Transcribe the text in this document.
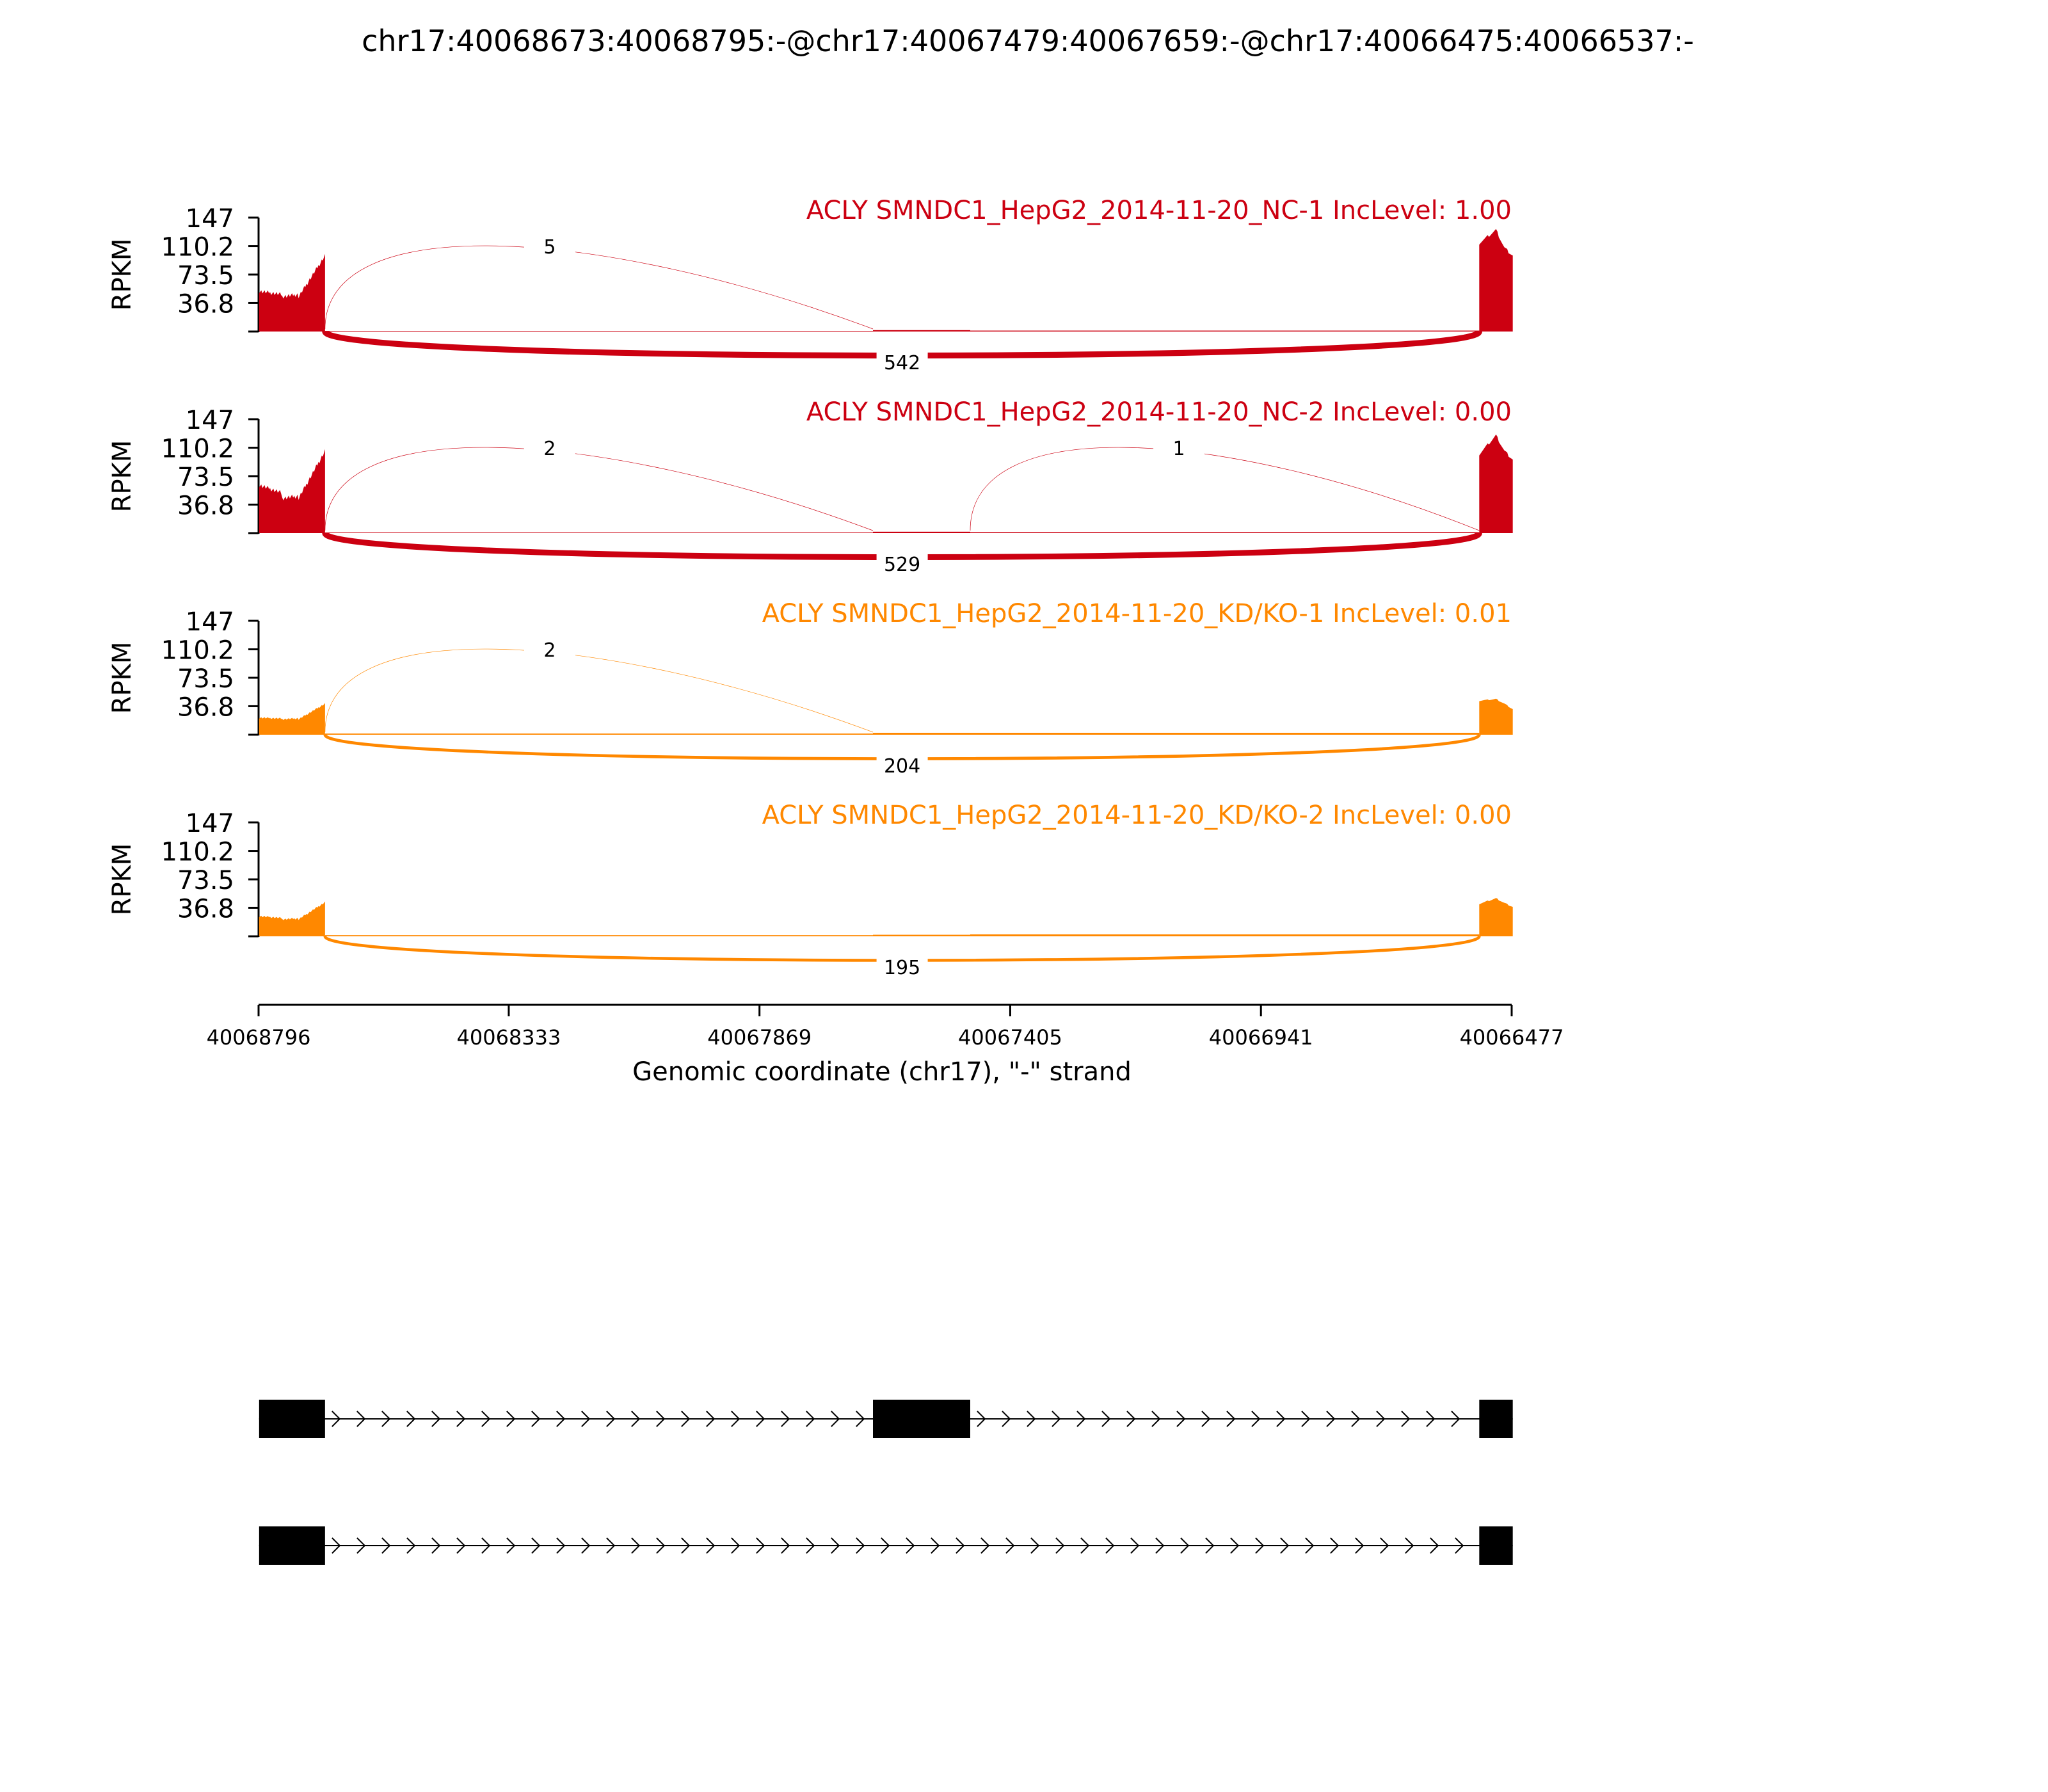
chr17:40068673:40068795:-@chr17:40067479:40067659:-@chr17:40066475:40066537:-
147
110.2
73.5
36.8
RPKM	5
542
ACLY SMNDC1_HepG2_2014-11-20_NC-1 IncLevel: 1.00
147
110.2
73.5
36.8
RPKM	2	1
529
ACLY SMNDC1_HepG2_2014-11-20_NC-2 IncLevel: 0.00
147
110.2
73.5
36.8
RPKM	2
204
ACLY SMNDC1_HepG2_2014-11-20_KD/KO-1 IncLevel: 0.01
147
110.2
73.5
36.8
RPKM
195
ACLY SMNDC1_HepG2_2014-11-20_KD/KO-2 IncLevel: 0.00
40068796	40068333	40067869	40067405	40066941	40066477
Genomic coordinate (chr17), "-" strand
